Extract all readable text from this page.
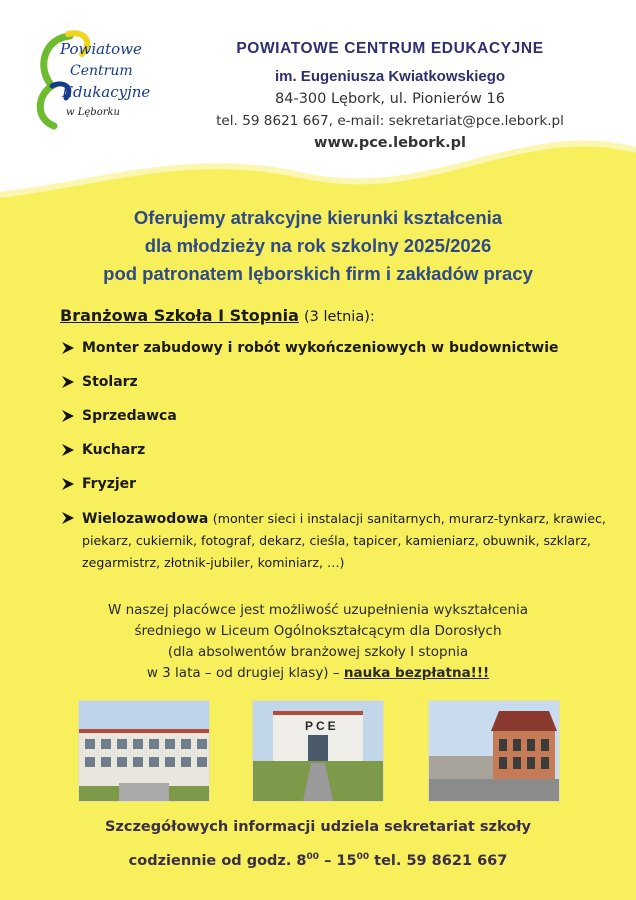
Powiatowe
Centrum
Edukacyjne
w Lęborku
POWIATOWE CENTRUM EDUKACYJNE
im. Eugeniusza Kwiatkowskiego
84-300 Lębork, ul. Pionierów 16
tel. 59 8621 667, e-mail: sekretariat@pce.lebork.pl
www.pce.lebork.pl
Oferujemy atrakcyjne kierunki kształcenia
dla młodzieży na rok szkolny 2025/2026
pod patronatem lęborskich firm i zakładów pracy
Branżowa Szkoła I Stopnia (3 letnia):
Monter zabudowy i robót wykończeniowych w budownictwie
Stolarz
Sprzedawca
Kucharz
Fryzjer
Wielozawodowa (monter sieci i instalacji sanitarnych, murarz-tynkarz, krawiec, piekarz, cukiernik, fotograf, dekarz, cieśla, tapicer, kamieniarz, obuwnik, szklarz, zegarmistrz, złotnik-jubiler, kominiarz, …)
W naszej placówce jest możliwość uzupełnienia wykształcenia
średniego w Liceum Ogólnokształcącym dla Dorosłych
(dla absolwentów branżowej szkoły I stopnia
w 3 lata – od drugiej klasy) – nauka bezpłatna!!!
PCE
Szczegółowych informacji udziela sekretariat szkoły
codziennie od godz. $8^{00} - 15^{00}$ tel. 59 8621 667
